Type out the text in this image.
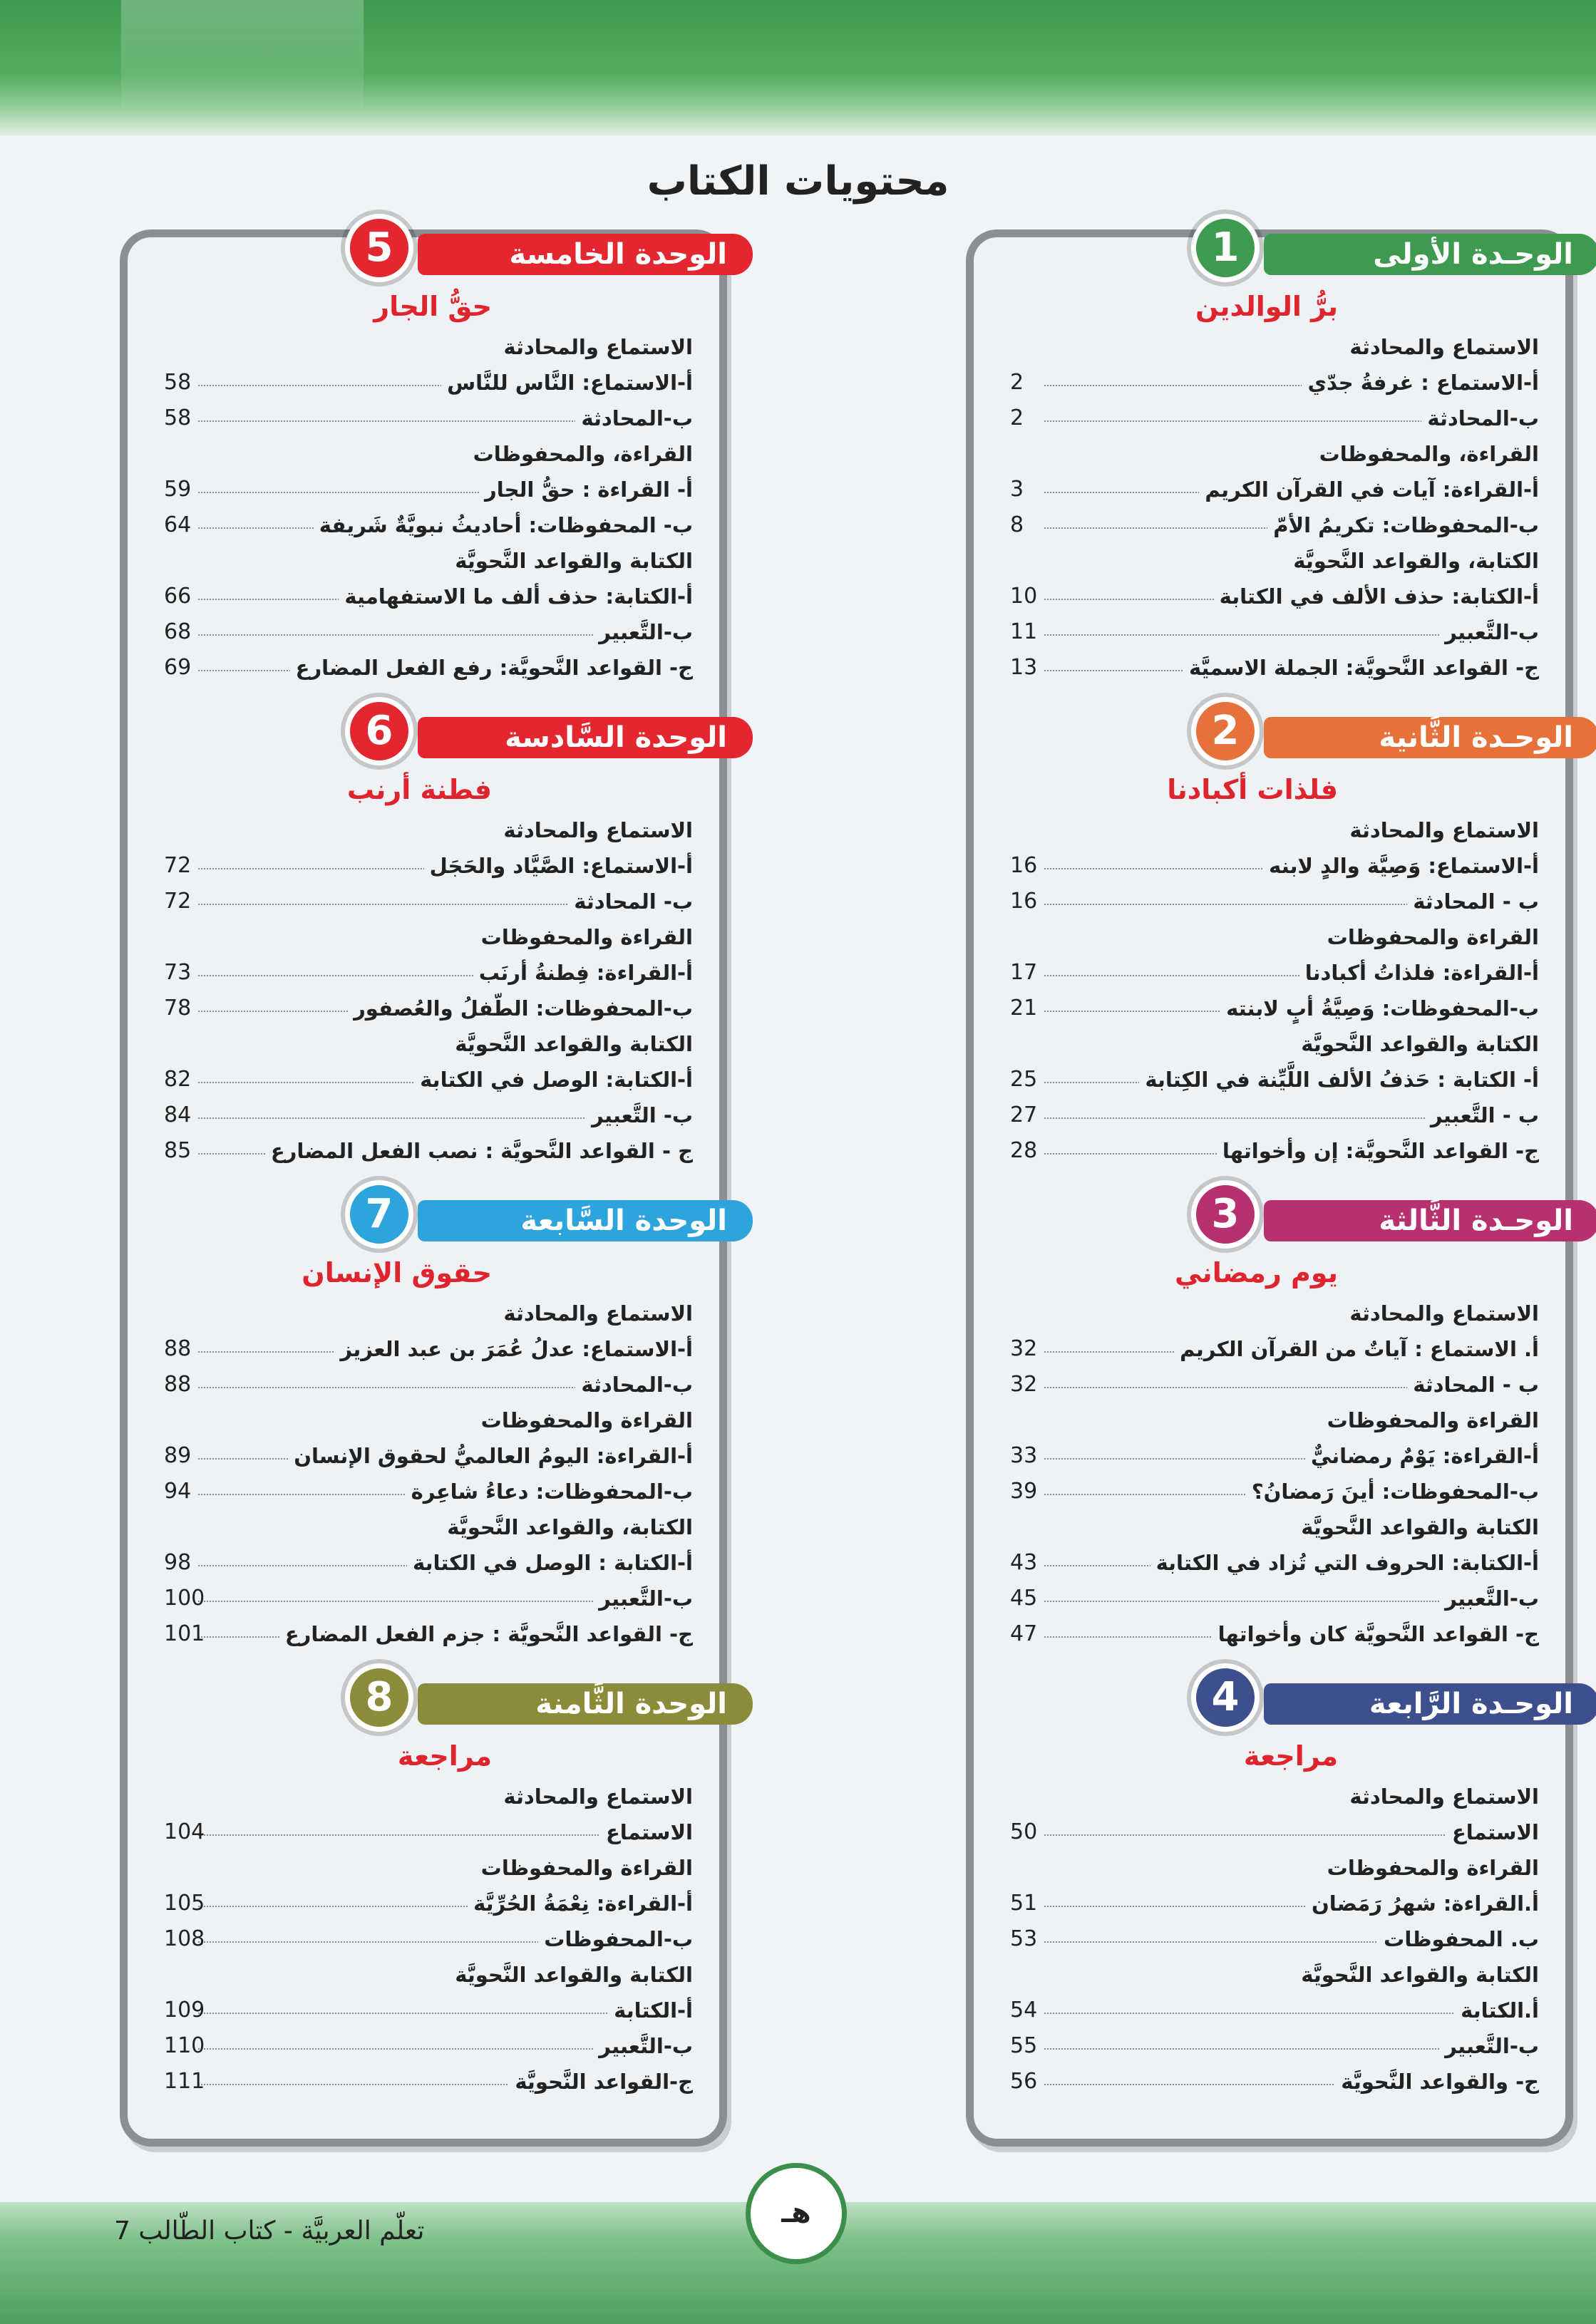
محتويات الكتاب
الوحـدة الأولى
1
برُّ الوالدين
الاستماع والمحادثة
أ-الاستماع : غرفةُ جدّي
2
ب-المحادثة
2
القراءة، والمحفوظات
أ-القراءة: آيات في القرآن الكريم
3
ب-المحفوظات: تكريمُ الأمّ
8
الكتابة، والقواعد النَّحويَّة
أ-الكتابة: حذف الألف في الكتابة
10
ب-التَّعبير
11
ج- القواعد النَّحويَّة: الجملة الاسميَّة
13
الوحـدة الثَّانية
2
فلذات أكبادنا
الاستماع والمحادثة
أ-الاستماع: وَصِيَّة والدٍ لابنه
16
ب - المحادثة
16
القراءة والمحفوظات
أ-القراءة: فلذاتُ أكبادنا
17
ب-المحفوظات: وَصِيَّةُ أبٍ لابنته
21
الكتابة والقواعد النَّحويَّة
أ- الكتابة : حَذفُ الألف اللَّيِّنة في الكِتابة
25
ب - التَّعبير
27
ج- القواعد النَّحويَّة: إن وأخواتها
28
الوحـدة الثَّالثة
3
يوم رمضاني
الاستماع والمحادثة
أ. الاستماع : آياتٌ من القرآن الكريم
32
ب - المحادثة
32
القراءة والمحفوظات
أ-القراءة: يَوْمٌ رمضانيٌّ
33
ب-المحفوظات: أينَ رَمضانُ؟
39
الكتابة والقواعد النَّحويَّة
أ-الكتابة: الحروف التي تُزاد في الكتابة
43
ب-التَّعبير
45
ج- القواعد النَّحويَّة كان وأخواتها
47
الوحـدة الرَّابعة
4
مراجعة
الاستماع والمحادثة
الاستماع
50
القراءة والمحفوظات
أ.القراءة: شهرُ رَمَضان
51
ب. المحفوظات
53
الكتابة والقواعد النَّحويَّة
أ.الكتابة
54
ب-التَّعبير
55
ج- والقواعد النَّحويَّة
56
الوحدة الخامسة
5
حقُّ الجار
الاستماع والمحادثة
أ-الاستماع: النَّاس للنَّاس
58
ب-المحادثة
58
القراءة، والمحفوظات
أ- القراءة : حقُّ الجار
59
ب- المحفوظات: أحاديثُ نبويَّةٌ شَريفة
64
الكتابة والقواعد النَّحويَّة
أ-الكتابة: حذف ألف ما الاستفهامية
66
ب-التَّعبير
68
ج- القواعد النَّحويَّة: رفع الفعل المضارع
69
الوحدة السَّادسة
6
فطنة أرنب
الاستماع والمحادثة
أ-الاستماع: الصَّيَّاد والحَجَل
72
ب- المحادثة
72
القراءة والمحفوظات
أ-القراءة: فِطنةُ أرنَب
73
ب-المحفوظات: الطّفلُ والعُصفور
78
الكتابة والقواعد النَّحويَّة
أ-الكتابة: الوصل في الكتابة
82
ب- التَّعبير
84
ج - القواعد النَّحويَّة : نصب الفعل المضارع
85
الوحدة السَّابعة
7
حقوق الإنسان
الاستماع والمحادثة
أ-الاستماع: عدلُ عُمَرَ بن عبد العزيز
88
ب-المحادثة
88
القراءة والمحفوظات
أ-القراءة: اليومُ العالميُّ لحقوق الإنسان
89
ب-المحفوظات: دعاءُ شاعِرة
94
الكتابة، والقواعد النَّحويَّة
أ-الكتابة : الوصل في الكتابة
98
ب-التَّعبير
100
ج- القواعد النَّحويَّة : جزم الفعل المضارع
101
الوحدة الثَّامنة
8
مراجعة
الاستماع والمحادثة
الاستماع
104
القراءة والمحفوظات
أ-القراءة: نِعْمَةُ الحُرِّيَّة
105
ب-المحفوظات
108
الكتابة والقواعد النَّحويَّة
أ-الكتابة
109
ب-التَّعبير
110
ج-القواعد النَّحويَّة
111
هـ
تعلّم العربيَّة - كتاب الطّالب 7
